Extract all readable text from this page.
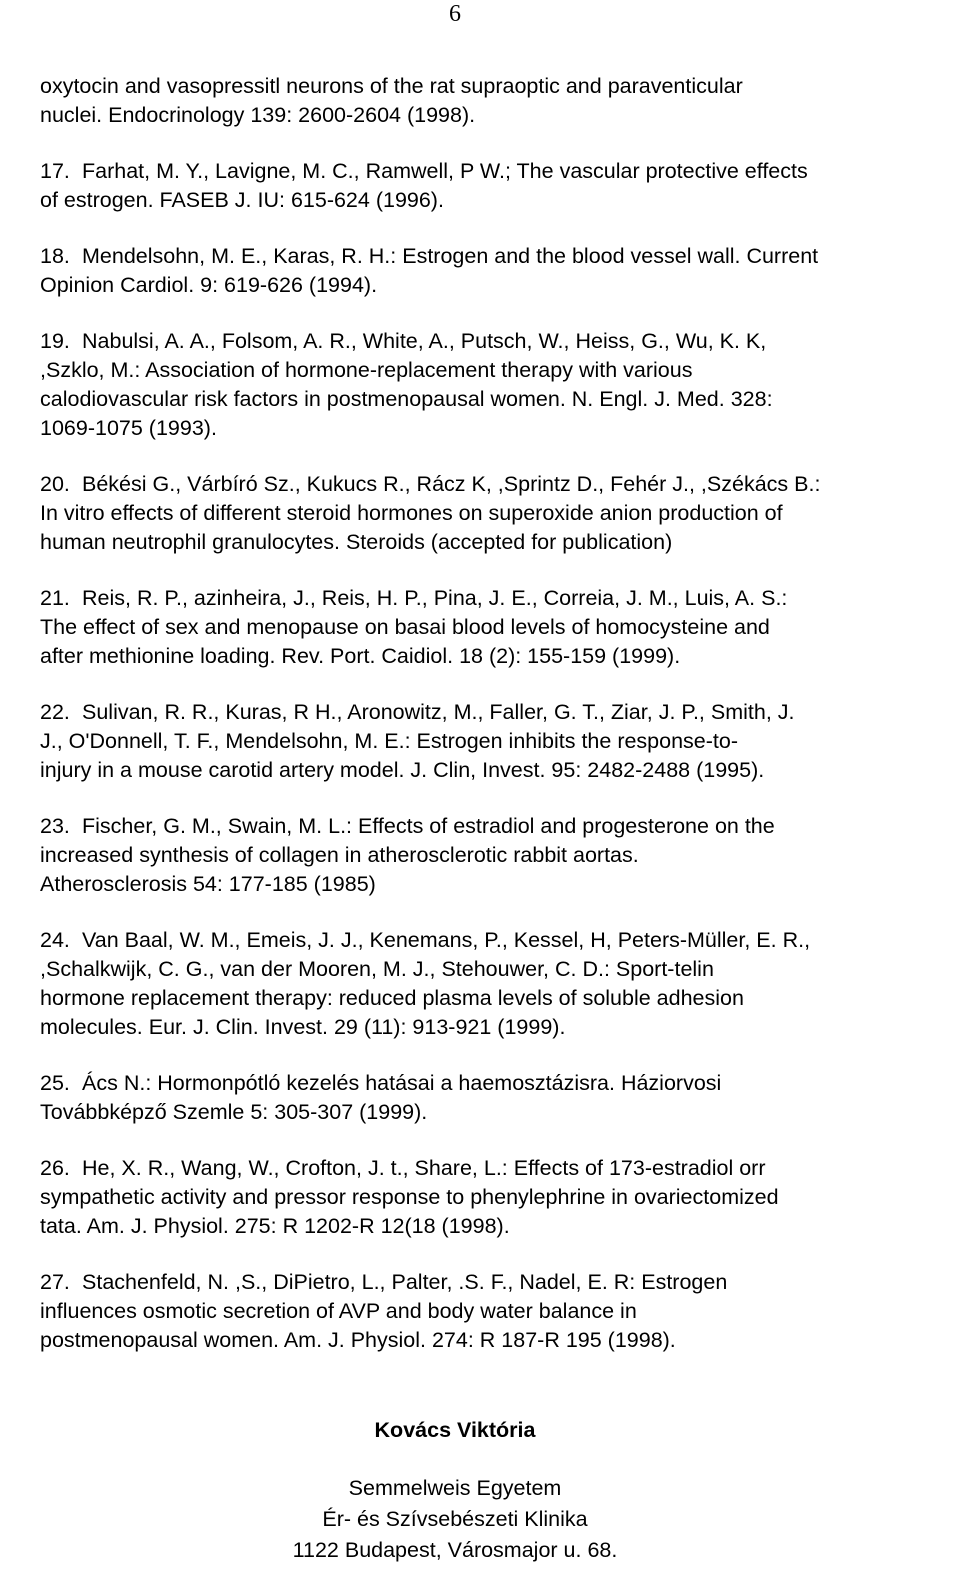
6
oxytocin and vasopressitl neurons of the rat supraoptic and paraventicular
nuclei. Endocrinology 139: 2600-2604 (1998).
17. Farhat, M. Y., Lavigne, M. C., Ramwell, P W.; The vascular protective effects
of estrogen. FASEB J. IU: 615-624 (1996).
18. Mendelsohn, M. E., Karas, R. H.: Estrogen and the blood vessel wall. Current
Opinion Cardiol. 9: 619-626 (1994).
19. Nabulsi, A. A., Folsom, A. R., White, A., Putsch, W., Heiss, G., Wu, K. K,
,Szklo, M.: Association of hormone-replacement therapy with various
calodiovascular risk factors in postmenopausal women. N. Engl. J. Med. 328:
1069-1075 (1993).
20. Békési G., Várbíró Sz., Kukucs R., Rácz K, ,Sprintz D., Fehér J., ,Székács B.:
In vitro effects of different steroid hormones on superoxide anion production of
human neutrophil granulocytes. Steroids (accepted for publication)
21. Reis, R. P., azinheira, J., Reis, H. P., Pina, J. E., Correia, J. M., Luis, A. S.:
The effect of sex and menopause on basai blood levels of homocysteine and
after methionine loading. Rev. Port. Caidiol. 18 (2): 155-159 (1999).
22. Sulivan, R. R., Kuras, R H., Aronowitz, M., Faller, G. T., Ziar, J. P., Smith, J.
J., O'Donnell, T. F., Mendelsohn, M. E.: Estrogen inhibits the response-to-
injury in a mouse carotid artery model. J. Clin, Invest. 95: 2482-2488 (1995).
23. Fischer, G. M., Swain, M. L.: Effects of estradiol and progesterone on the
increased synthesis of collagen in atherosclerotic rabbit aortas.
Atherosclerosis 54: 177-185 (1985)
24. Van Baal, W. M., Emeis, J. J., Kenemans, P., Kessel, H, Peters-Müller, E. R.,
,Schalkwijk, C. G., van der Mooren, M. J., Stehouwer, C. D.: Sport-telin
hormone replacement therapy: reduced plasma levels of soluble adhesion
molecules. Eur. J. Clin. Invest. 29 (11): 913-921 (1999).
25. Ács N.: Hormonpótló kezelés hatásai a haemosztázisra. Háziorvosi
Továbbképző Szemle 5: 305-307 (1999).
26. He, X. R., Wang, W., Crofton, J. t., Share, L.: Effects of 173-estradiol orr
sympathetic activity and pressor response to phenylephrine in ovariectomized
tata. Am. J. Physiol. 275: R 1202-R 12(18 (1998).
27. Stachenfeld, N. ,S., DiPietro, L., Palter, .S. F., Nadel, E. R: Estrogen
influences osmotic secretion of AVP and body water balance in
postmenopausal women. Am. J. Physiol. 274: R 187-R 195 (1998).
Kovács Viktória
Semmelweis Egyetem
Ér- és Szívsebészeti Klinika
1122 Budapest, Városmajor u. 68.
